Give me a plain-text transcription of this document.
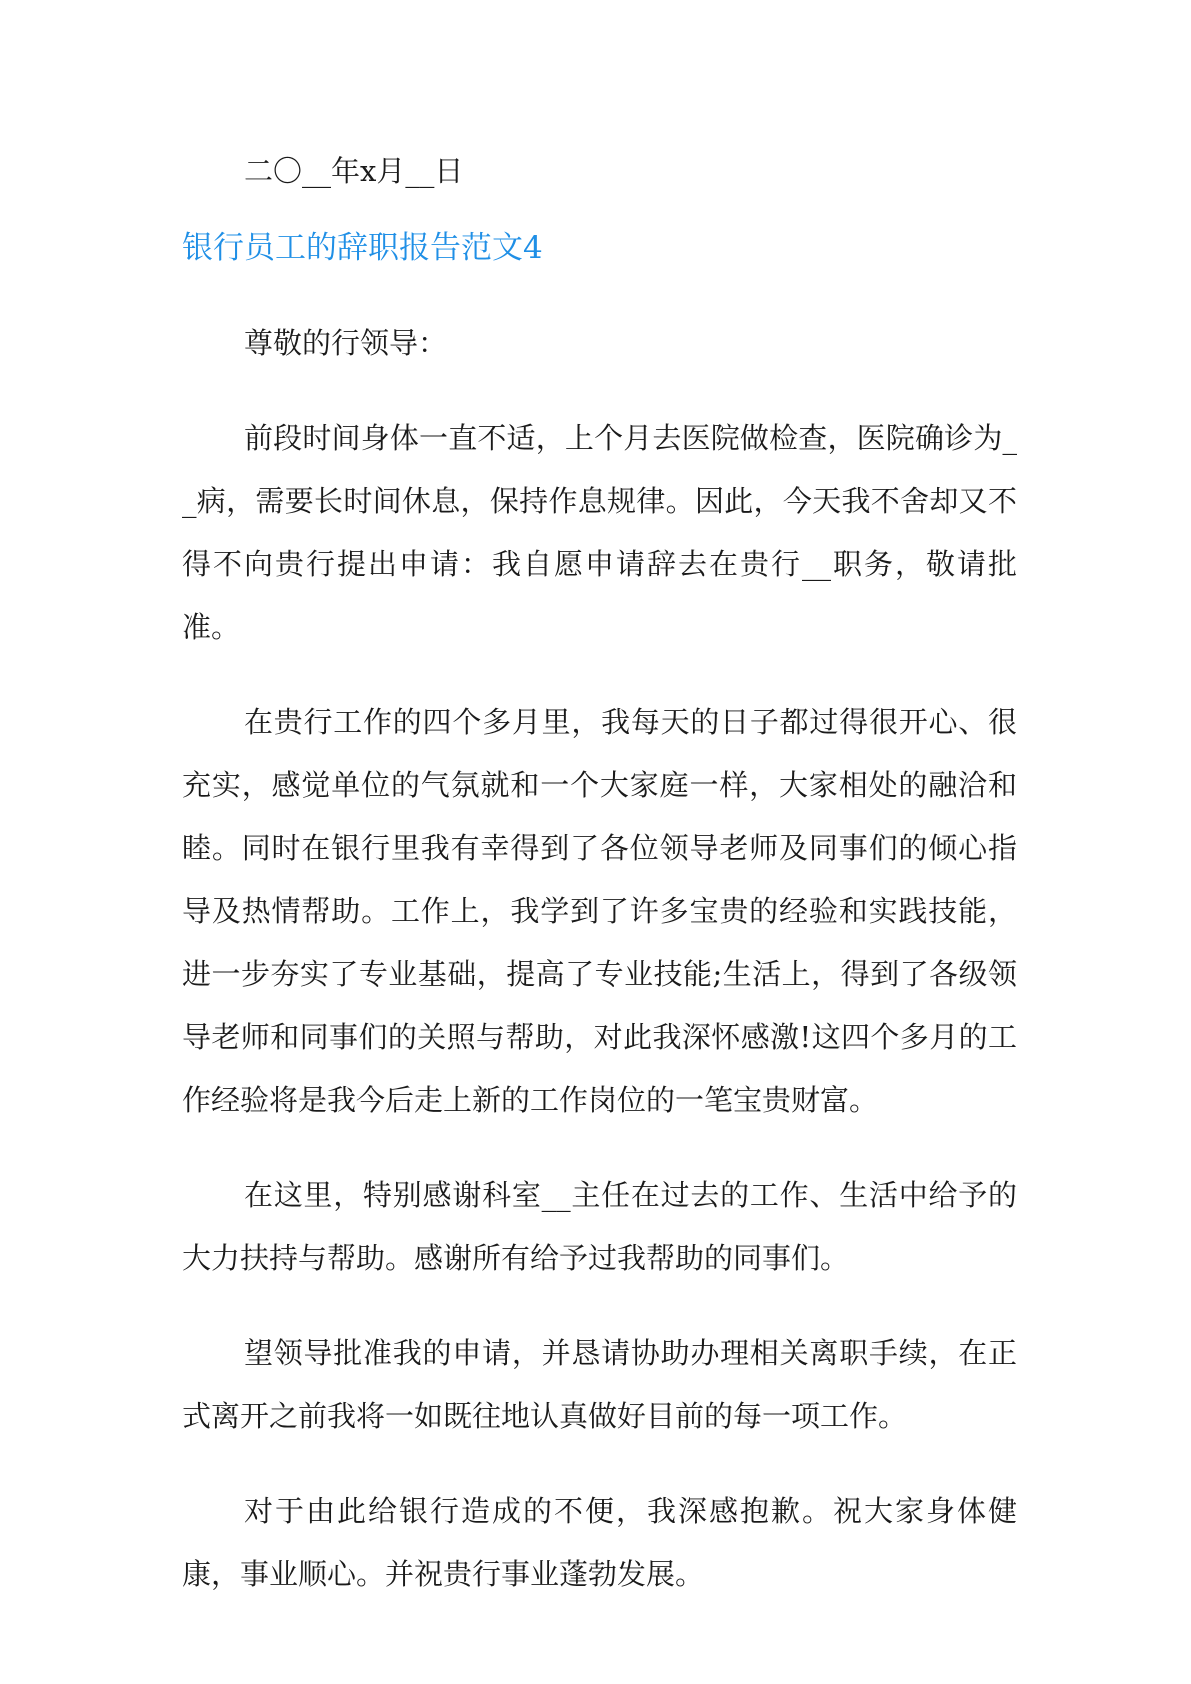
二〇__年x月__日

银行员工的辞职报告范文4

尊敬的行领导：

前段时间身体一直不适，上个月去医院做检查，医院确诊为__病，需要长时间休息，保持作息规律。因此，今天我不舍却又不得不向贵行提出申请：我自愿申请辞去在贵行__职务，敬请批准。

在贵行工作的四个多月里，我每天的日子都过得很开心、很充实，感觉单位的气氛就和一个大家庭一样，大家相处的融洽和睦。同时在银行里我有幸得到了各位领导老师及同事们的倾心指导及热情帮助。工作上，我学到了许多宝贵的经验和实践技能，进一步夯实了专业基础，提高了专业技能;生活上，得到了各级领导老师和同事们的关照与帮助，对此我深怀感激!这四个多月的工作经验将是我今后走上新的工作岗位的一笔宝贵财富。

在这里，特别感谢科室__主任在过去的工作、生活中给予的大力扶持与帮助。感谢所有给予过我帮助的同事们。

望领导批准我的申请，并恳请协助办理相关离职手续，在正式离开之前我将一如既往地认真做好目前的每一项工作。

对于由此给银行造成的不便，我深感抱歉。祝大家身体健康，事业顺心。并祝贵行事业蓬勃发展。
